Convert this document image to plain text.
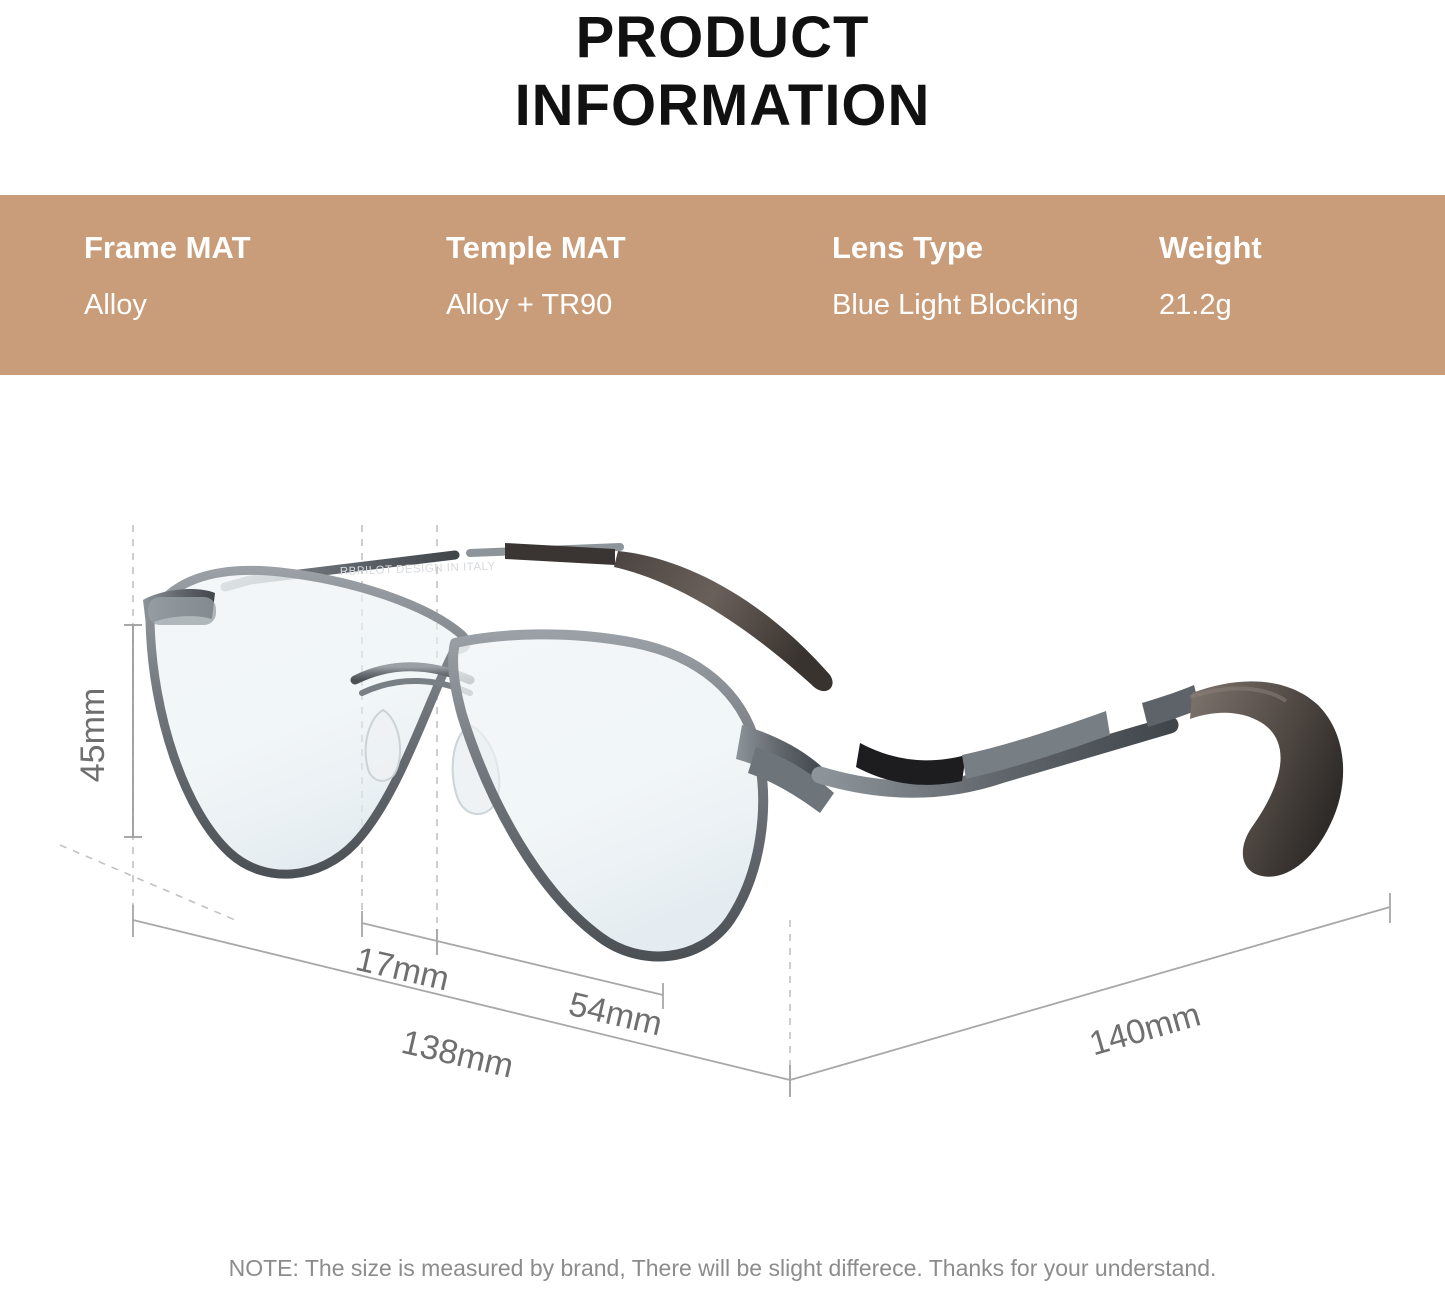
PRODUCT
INFORMATION
Frame MAT
Alloy
Temple MAT
Alloy + TR90
Lens Type
Blue Light Blocking
Weight
21.2g
45mm
RBPILOT DESIGN IN ITALY
138mm
17mm
54mm	140mm
NOTE: The size is measured by brand, There will be slight differece. Thanks for your understand.
